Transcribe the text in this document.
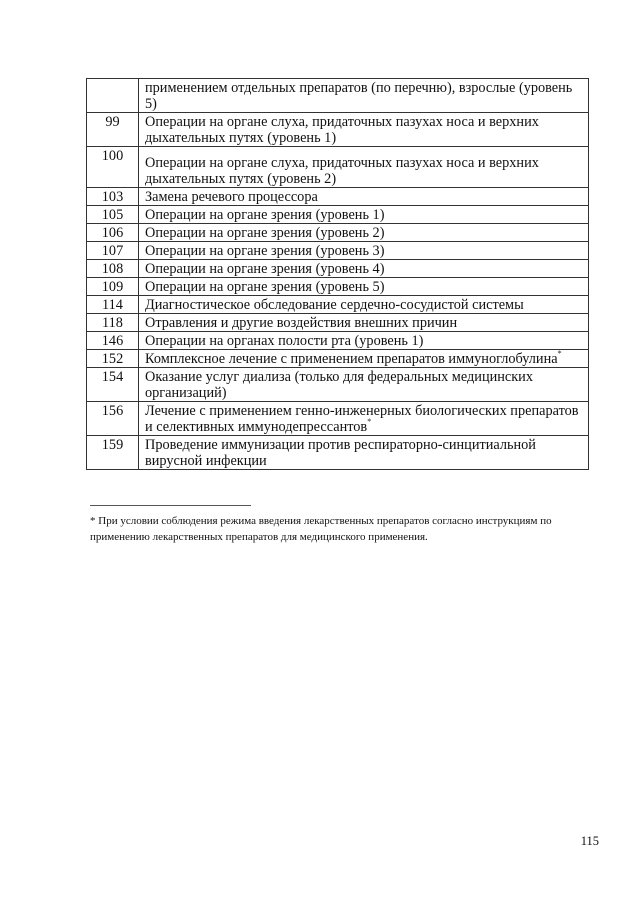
	применением отдельных препаратов (по перечню), взрослые (уровень 5)
99	Операции на органе слуха, придаточных пазухах носа и верхних дыхательных путях (уровень 1)
100	Операции на органе слуха, придаточных пазухах носа и верхних дыхательных путях (уровень 2)
103	Замена речевого процессора
105	Операции на органе зрения (уровень 1)
106	Операции на органе зрения (уровень 2)
107	Операции на органе зрения (уровень 3)
108	Операции на органе зрения (уровень 4)
109	Операции на органе зрения (уровень 5)
114	Диагностическое обследование сердечно-сосудистой системы
118	Отравления и другие воздействия внешних причин
146	Операции на органах полости рта (уровень 1)
152	Комплексное лечение с применением препаратов иммуноглобулина*
154	Оказание услуг диализа (только для федеральных медицинских организаций)
156	Лечение с применением генно-инженерных биологических препаратов и селективных иммунодепрессантов*
159	Проведение иммунизации против респираторно-синцитиальной вирусной инфекции
* При условии соблюдения режима введения лекарственных препаратов согласно инструкциям по применению лекарственных препаратов для медицинского применения.
115
